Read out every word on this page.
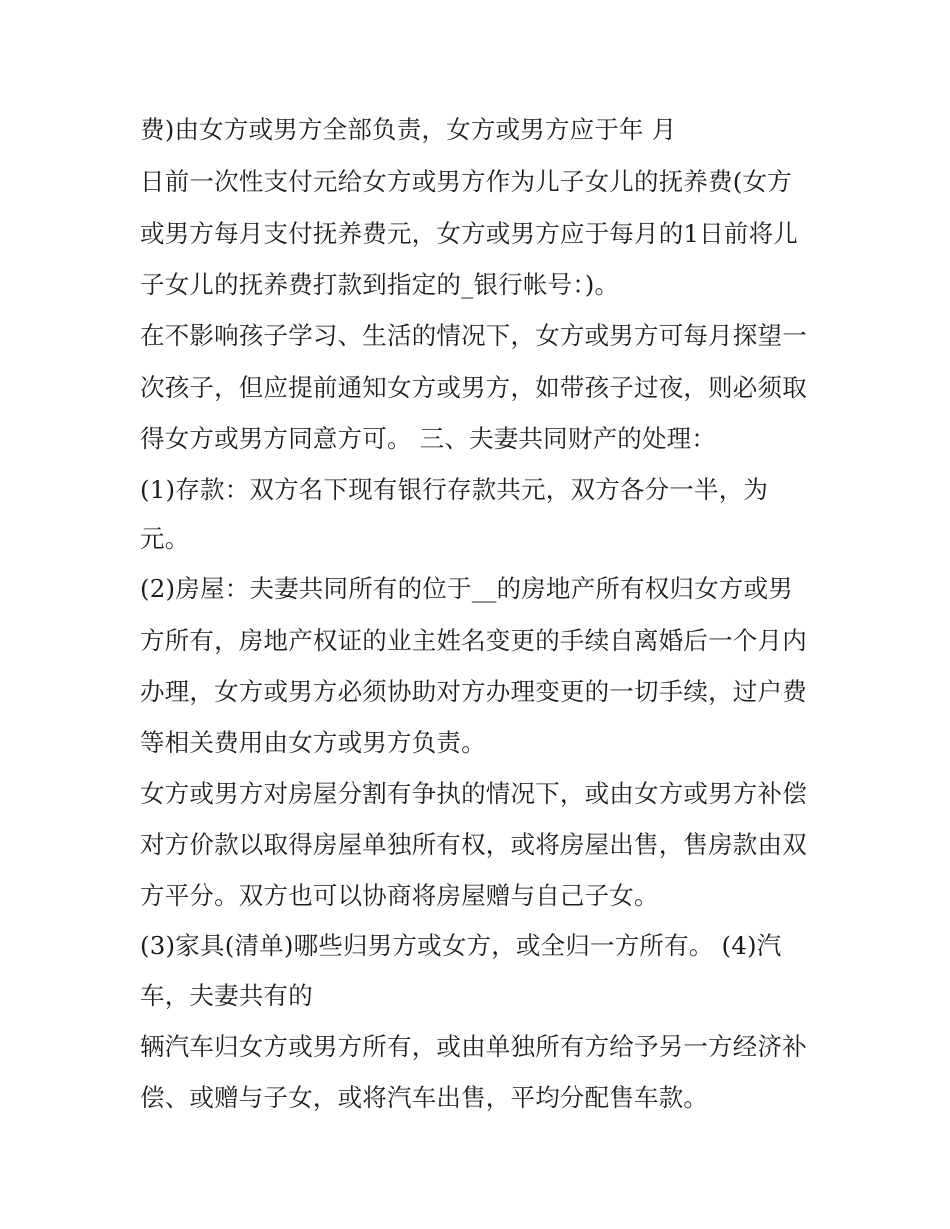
费)由女方或男方全部负责，女方或男方应于年 月
日前一次性支付元给女方或男方作为儿子女儿的抚养费(女方
或男方每月支付抚养费元，女方或男方应于每月的1日前将儿
子女儿的抚养费打款到指定的_银行帐号：)。
在不影响孩子学习、生活的情况下，女方或男方可每月探望一
次孩子，但应提前通知女方或男方，如带孩子过夜，则必须取
得女方或男方同意方可。 三、夫妻共同财产的处理：
(1)存款：双方名下现有银行存款共元，双方各分一半，为
元。
(2)房屋：夫妻共同所有的位于__的房地产所有权归女方或男
方所有，房地产权证的业主姓名变更的手续自离婚后一个月内
办理，女方或男方必须协助对方办理变更的一切手续，过户费
等相关费用由女方或男方负责。
女方或男方对房屋分割有争执的情况下，或由女方或男方补偿
对方价款以取得房屋单独所有权，或将房屋出售，售房款由双
方平分。双方也可以协商将房屋赠与自己子女。
(3)家具(清单)哪些归男方或女方，或全归一方所有。 (4)汽
车，夫妻共有的
辆汽车归女方或男方所有，或由单独所有方给予另一方经济补
偿、或赠与子女，或将汽车出售，平均分配售车款。
